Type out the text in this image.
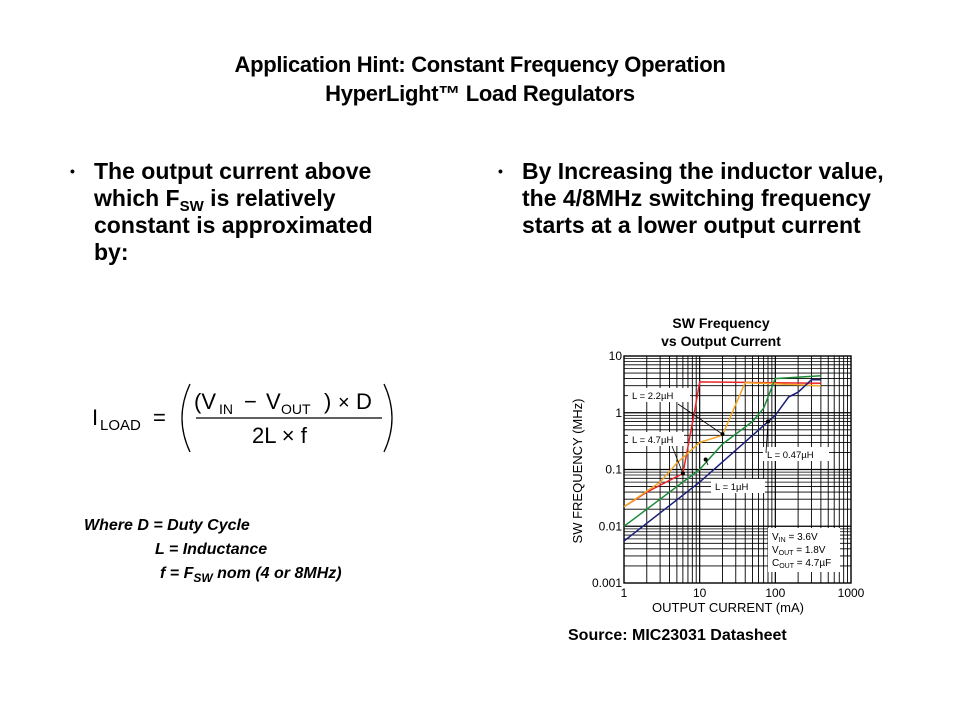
Application Hint: Constant Frequency Operation
HyperLight™ Load Regulators
• The output current above which $F_{SW}$ is relatively constant is approximated by:
• By Increasing the inductor value, the 4/8MHz switching frequency starts at a lower output current
I LOAD =
(V IN − V OUT ) × D
2L × f
Where D = Duty Cycle
L = Inductance
$f = F_{SW}$ nom (4 or 8MHz)
SW Frequency
vs Output Current
L = 2.2µH
L = 4.7µH
L = 1µH
L = 0.47µH
$V_{IN} = 3.6V$
$V_{OUT} = 1.8V$
$C_{OUT} = 4.7\mu F$
1	10	100	1000
0.001
0.01
0.1
1
10
OUTPUT CURRENT (mA)
SW FREQUENCY (MHz)
Source: MIC23031 Datasheet
